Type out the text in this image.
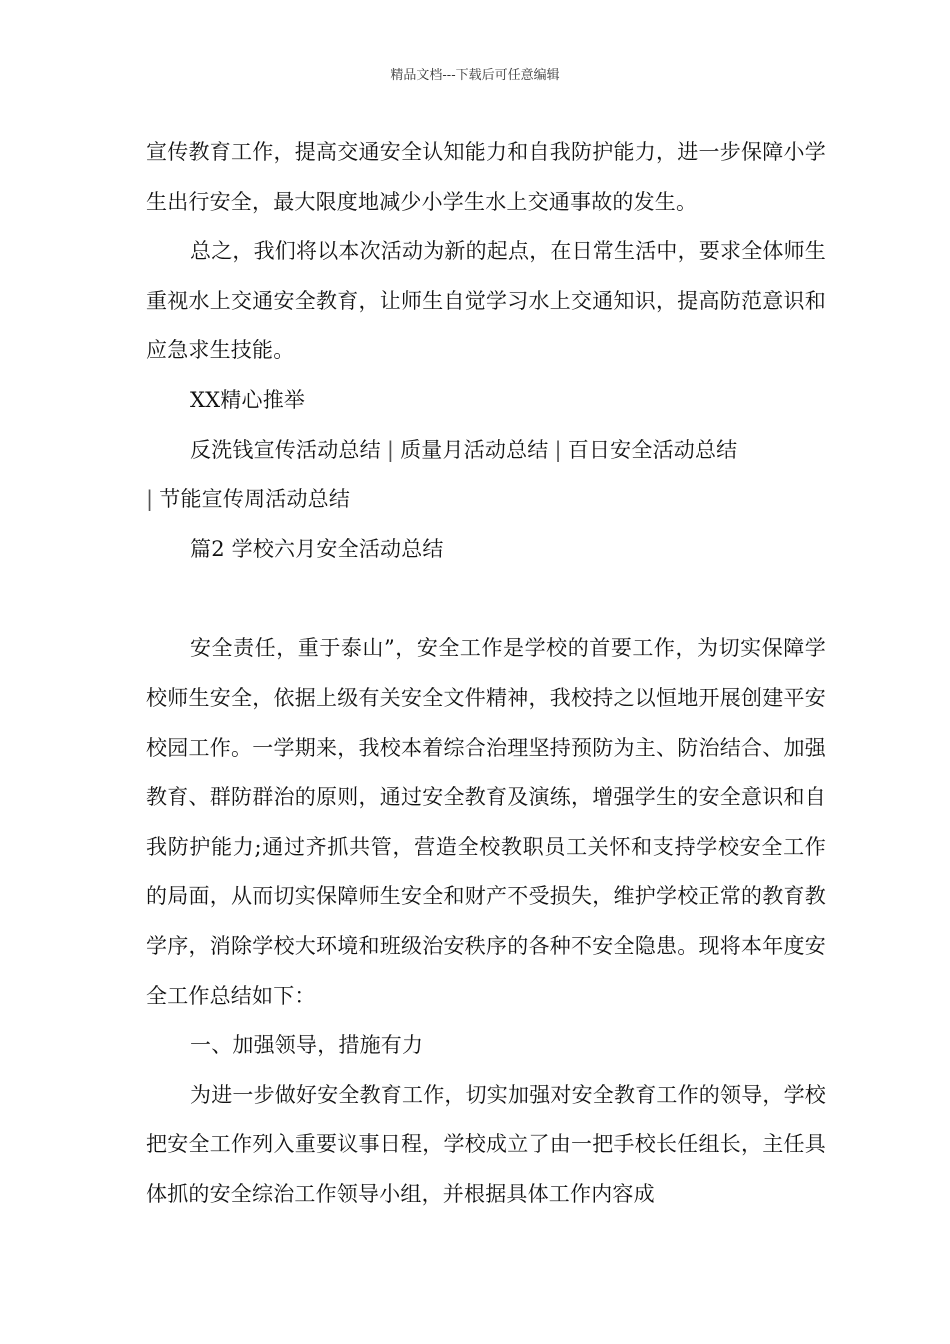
精品文档---下载后可任意编辑

宣传教育工作，提高交通安全认知能力和自我防护能力，进一步保障小学生出行安全，最大限度地减少小学生水上交通事故的发生。

总之，我们将以本次活动为新的起点，在日常生活中，要求全体师生重视水上交通安全教育，让师生自觉学习水上交通知识，提高防范意识和应急求生技能。

XX精心推举

反洗钱宣传活动总结 | 质量月活动总结 | 百日安全活动总结
| 节能宣传周活动总结

篇2 学校六月安全活动总结

安全责任，重于泰山”，安全工作是学校的首要工作，为切实保障学校师生安全，依据上级有关安全文件精神，我校持之以恒地开展创建平安校园工作。一学期来，我校本着综合治理坚持预防为主、防治结合、加强教育、群防群治的原则，通过安全教育及演练，增强学生的安全意识和自我防护能力;通过齐抓共管，营造全校教职员工关怀和支持学校安全工作的局面，从而切实保障师生安全和财产不受损失，维护学校正常的教育教学序，消除学校大环境和班级治安秩序的各种不安全隐患。现将本年度安全工作总结如下：

一、加强领导，措施有力

为进一步做好安全教育工作，切实加强对安全教育工作的领导，学校把安全工作列入重要议事日程，学校成立了由一把手校长任组长，主任具体抓的安全综治工作领导小组，并根据具体工作内容成
